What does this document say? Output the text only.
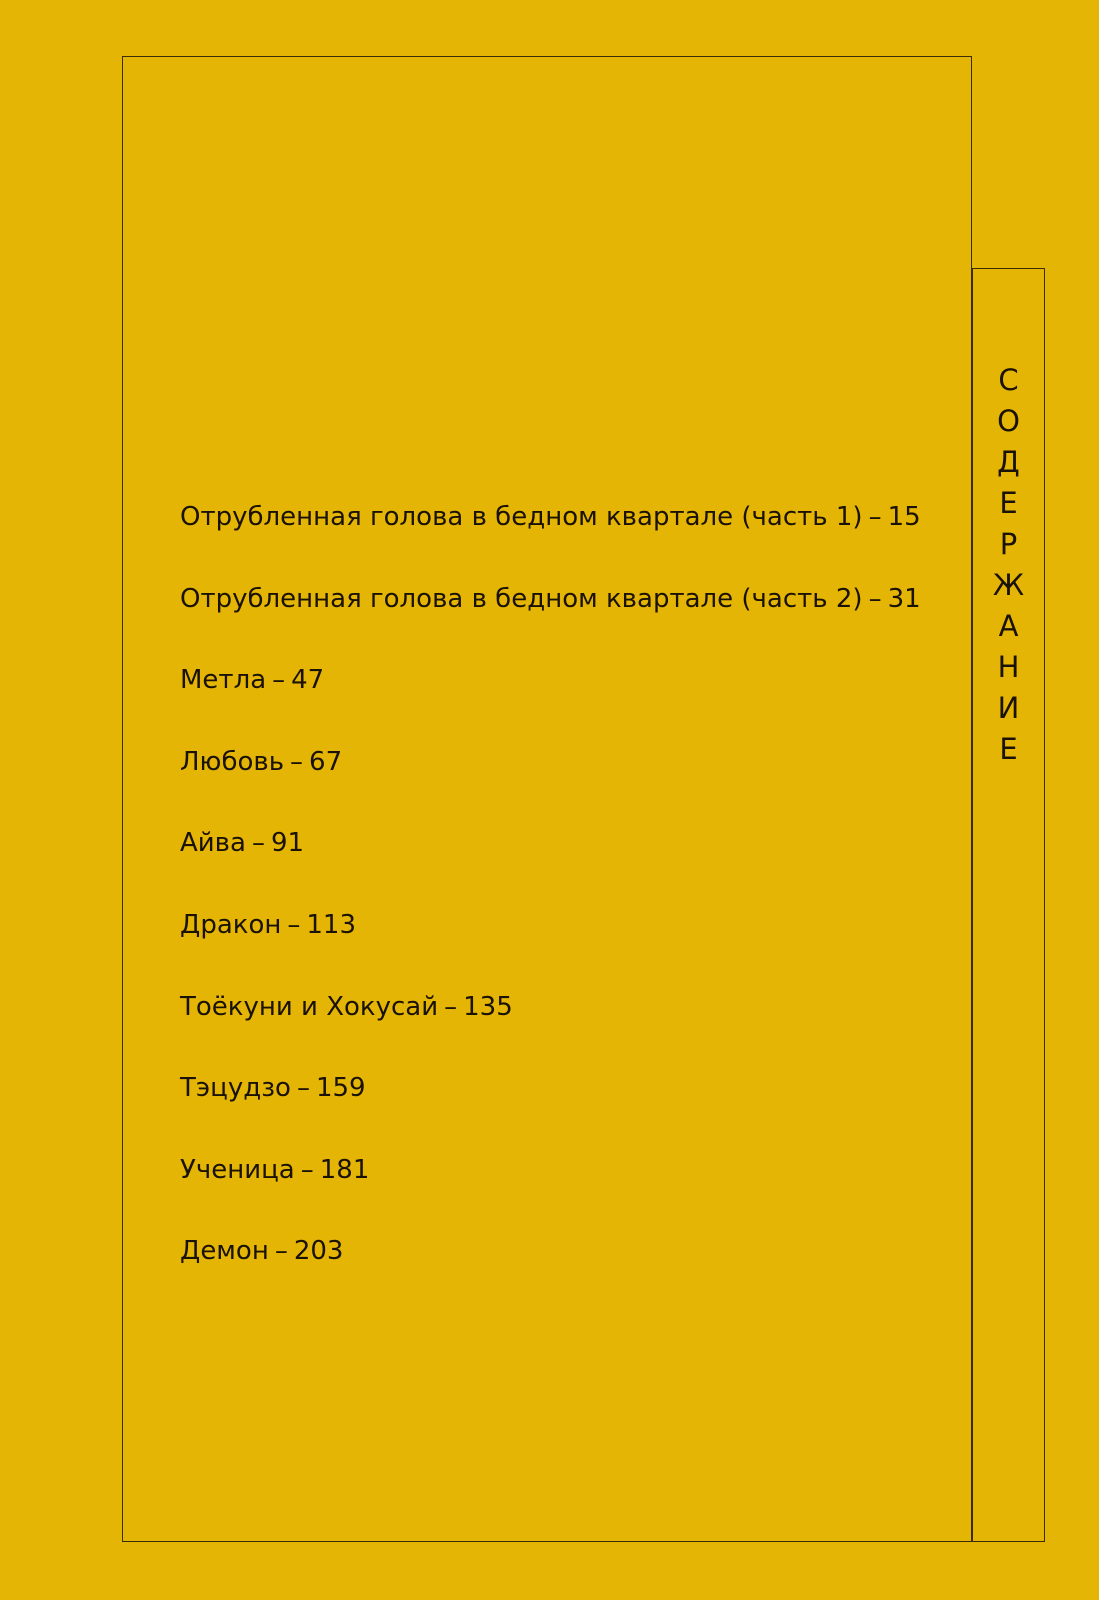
С
О
Д
Е
Р
Ж
А
Н
И
Е
Отрубленная голова в бедном квартале (часть 1) – 15
Отрубленная голова в бедном квартале (часть 2) – 31
Метла – 47
Любовь – 67
Айва – 91
Дракон – 113
Тоёкуни и Хокусай – 135
Тэцудзо – 159
Ученица – 181
Демон – 203
